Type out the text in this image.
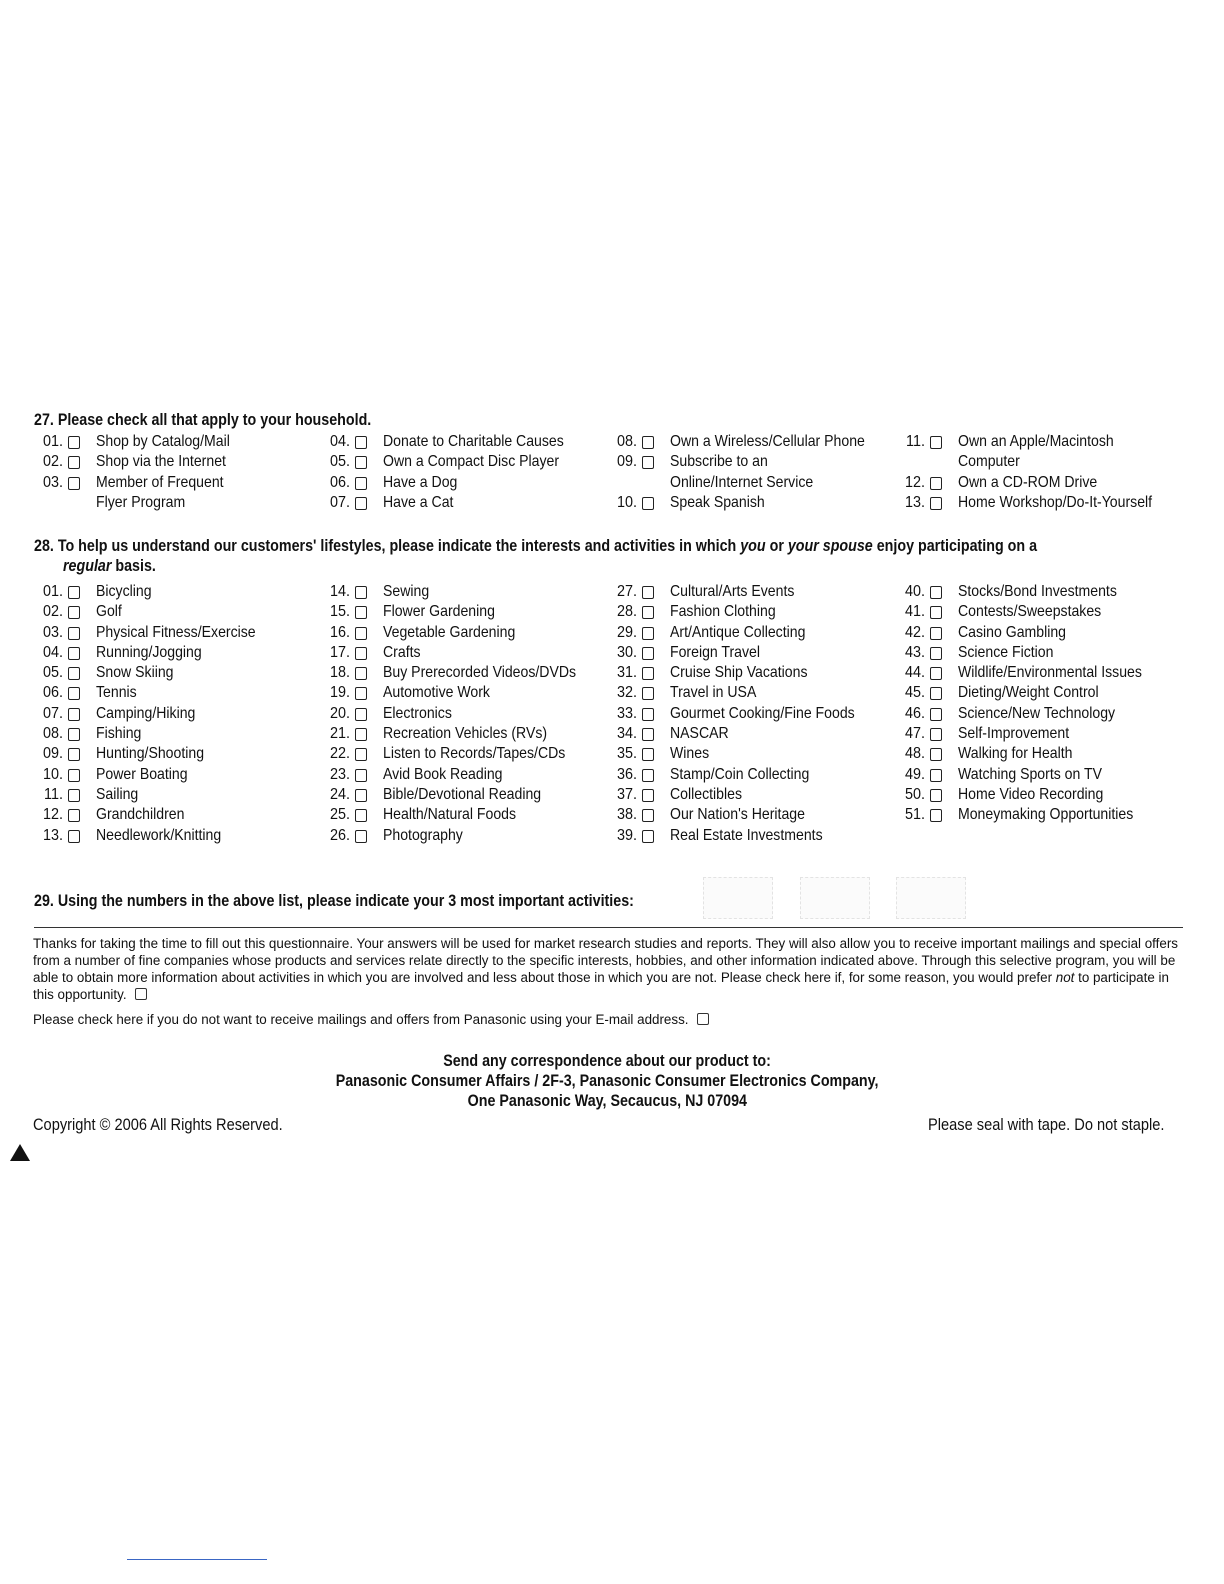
27. Please check all that apply to your household.
01. Shop by Catalog/Mail
02. Shop via the Internet
03. Member of Frequent
Flyer Program
04. Donate to Charitable Causes
05. Own a Compact Disc Player
06. Have a Dog
07. Have a Cat
08. Own a Wireless/Cellular Phone
09. Subscribe to an
Online/Internet Service
10. Speak Spanish
11. Own an Apple/Macintosh
Computer
12. Own a CD-ROM Drive
13. Home Workshop/Do-It-Yourself
28. To help us understand our customers' lifestyles, please indicate the interests and activities in which you or your spouse enjoy participating on a
regular basis.
01. Bicycling
02. Golf
03. Physical Fitness/Exercise
04. Running/Jogging
05. Snow Skiing
06. Tennis
07. Camping/Hiking
08. Fishing
09. Hunting/Shooting
10. Power Boating
11. Sailing
12. Grandchildren
13. Needlework/Knitting
14. Sewing
15. Flower Gardening
16. Vegetable Gardening
17. Crafts
18. Buy Prerecorded Videos/DVDs
19. Automotive Work
20. Electronics
21. Recreation Vehicles (RVs)
22. Listen to Records/Tapes/CDs
23. Avid Book Reading
24. Bible/Devotional Reading
25. Health/Natural Foods
26. Photography
27. Cultural/Arts Events
28. Fashion Clothing
29. Art/Antique Collecting
30. Foreign Travel
31. Cruise Ship Vacations
32. Travel in USA
33. Gourmet Cooking/Fine Foods
34. NASCAR
35. Wines
36. Stamp/Coin Collecting
37. Collectibles
38. Our Nation's Heritage
39. Real Estate Investments
40. Stocks/Bond Investments
41. Contests/Sweepstakes
42. Casino Gambling
43. Science Fiction
44. Wildlife/Environmental Issues
45. Dieting/Weight Control
46. Science/New Technology
47. Self-Improvement
48. Walking for Health
49. Watching Sports on TV
50. Home Video Recording
51. Moneymaking Opportunities
29. Using the numbers in the above list, please indicate your 3 most important activities:
Thanks for taking the time to fill out this questionnaire. Your answers will be used for market research studies and reports. They will also allow you to receive important mailings and special offers from a number of fine companies whose products and services relate directly to the specific interests, hobbies, and other information indicated above. Through this selective program, you will be able to obtain more information about activities in which you are involved and less about those in which you are not. Please check here if, for some reason, you would prefer not to participate in this opportunity.
Please check here if you do not want to receive mailings and offers from Panasonic using your E-mail address.
Send any correspondence about our product to:
Panasonic Consumer Affairs / 2F-3, Panasonic Consumer Electronics Company,
One Panasonic Way, Secaucus, NJ 07094
Copyright © 2006 All Rights Reserved.	Please seal with tape. Do not staple.
